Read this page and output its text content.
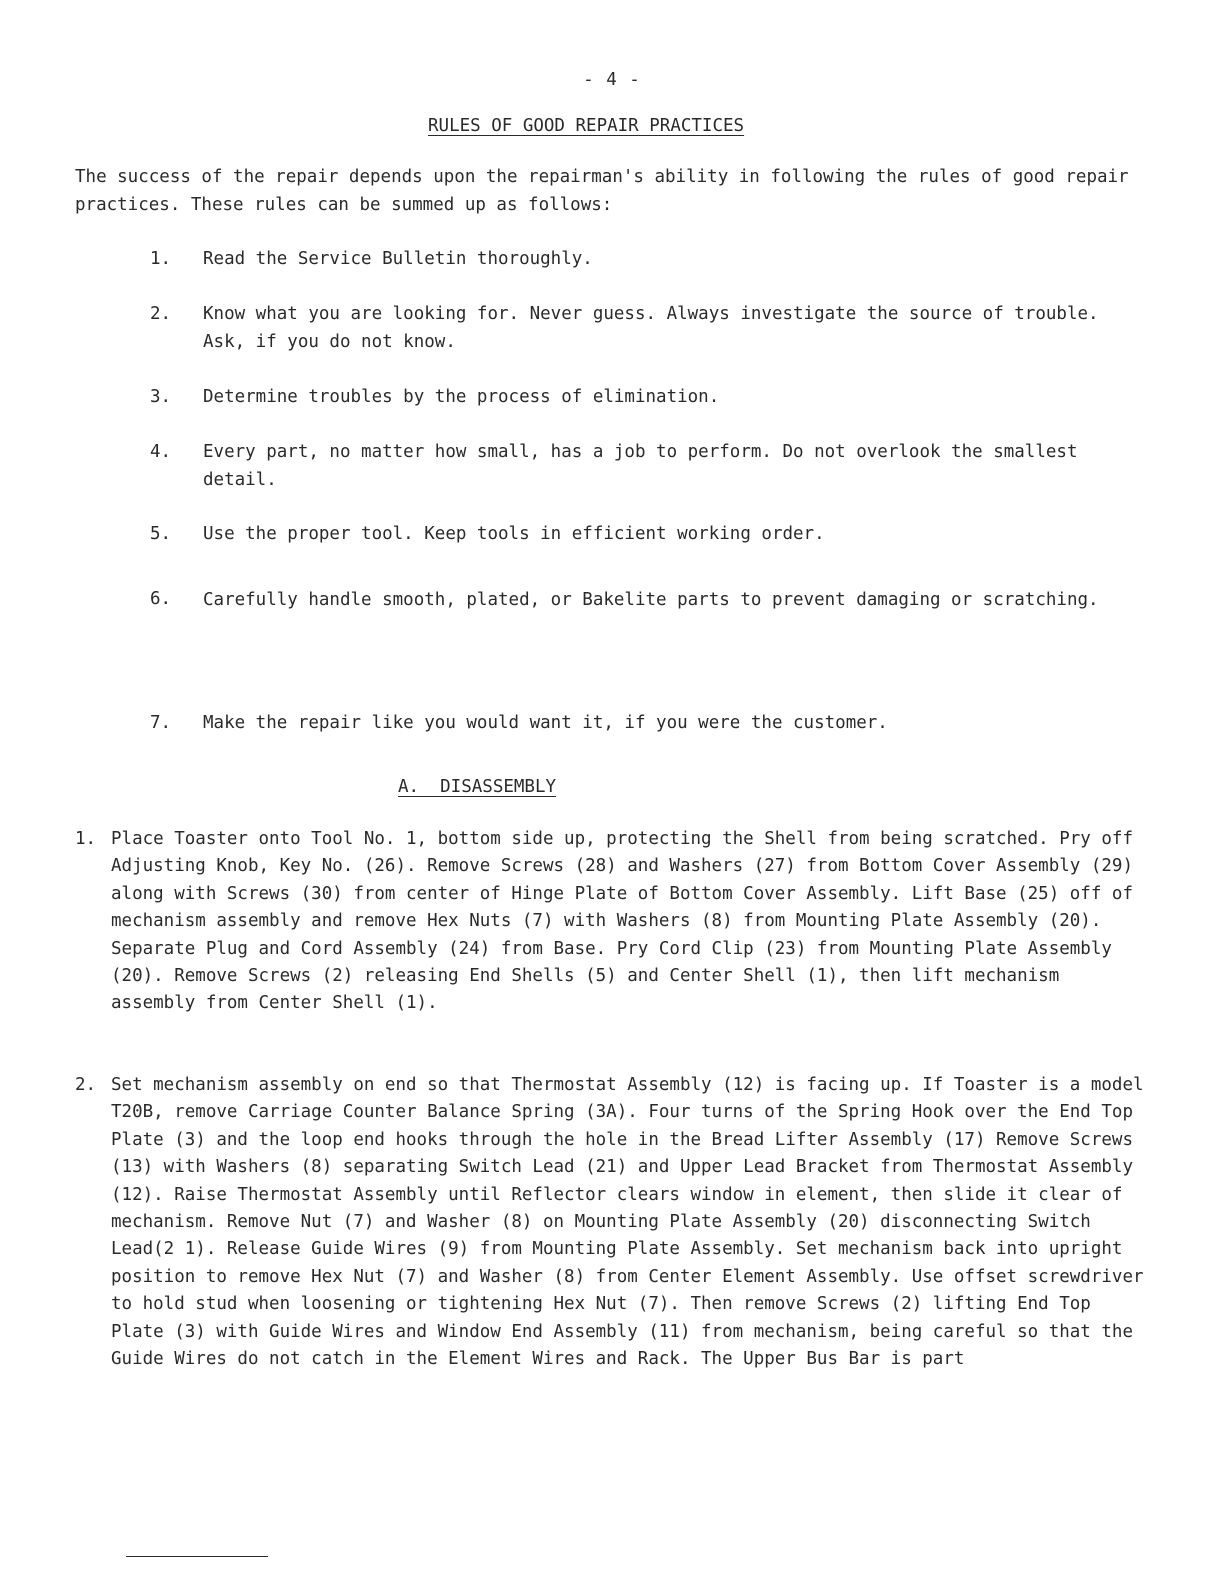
- 4 -
RULES OF GOOD REPAIR PRACTICES
The success of the repair depends upon the repairman's ability in following the rules of good repair practices. These rules can be summed up as follows:
1. Read the Service Bulletin thoroughly.
2. Know what you are looking for. Never guess. Always investigate the source of trouble. Ask, if you do not know.
3. Determine troubles by the process of elimination.
4. Every part, no matter how small, has a job to perform. Do not overlook the smallest detail.
5. Use the proper tool. Keep tools in efficient working order.
6. Carefully handle smooth, plated, or Bakelite parts to prevent damaging or scratching.
7. Make the repair like you would want it, if you were the customer.
A.  DISASSEMBLY
1. Place Toaster onto Tool No. 1, bottom side up, protecting the Shell from being scratched. Pry off Adjusting Knob, Key No. (26). Remove Screws (28) and Washers (27) from Bottom Cover Assembly (29) along with Screws (30) from center of Hinge Plate of Bottom Cover Assembly. Lift Base (25) off of mechanism assembly and remove Hex Nuts (7) with Washers (8) from Mounting Plate Assembly (20). Separate Plug and Cord Assembly (24) from Base. Pry Cord Clip (23) from Mounting Plate Assembly (20). Remove Screws (2) releasing End Shells (5) and Center Shell (1), then lift mechanism assembly from Center Shell (1).
2. Set mechanism assembly on end so that Thermostat Assembly (12) is facing up. If Toaster is a model T20B, remove Carriage Counter Balance Spring (3A). Four turns of the Spring Hook over the End Top Plate (3) and the loop end hooks through the hole in the Bread Lifter Assembly (17) Remove Screws (13) with Washers (8) separating Switch Lead (21) and Upper Lead Bracket from Thermostat Assembly (12). Raise Thermostat Assembly until Reflector clears window in element, then slide it clear of mechanism. Remove Nut (7) and Washer (8) on Mounting Plate Assembly (20) disconnecting Switch Lead(2 1). Release Guide Wires (9) from Mounting Plate Assembly. Set mechanism back into upright position to remove Hex Nut (7) and Washer (8) from Center Element Assembly. Use offset screwdriver to hold stud when loosening or tightening Hex Nut (7). Then remove Screws (2) lifting End Top Plate (3) with Guide Wires and Window End Assembly (11) from mechanism, being careful so that the Guide Wires do not catch in the Element Wires and Rack. The Upper Bus Bar is part
